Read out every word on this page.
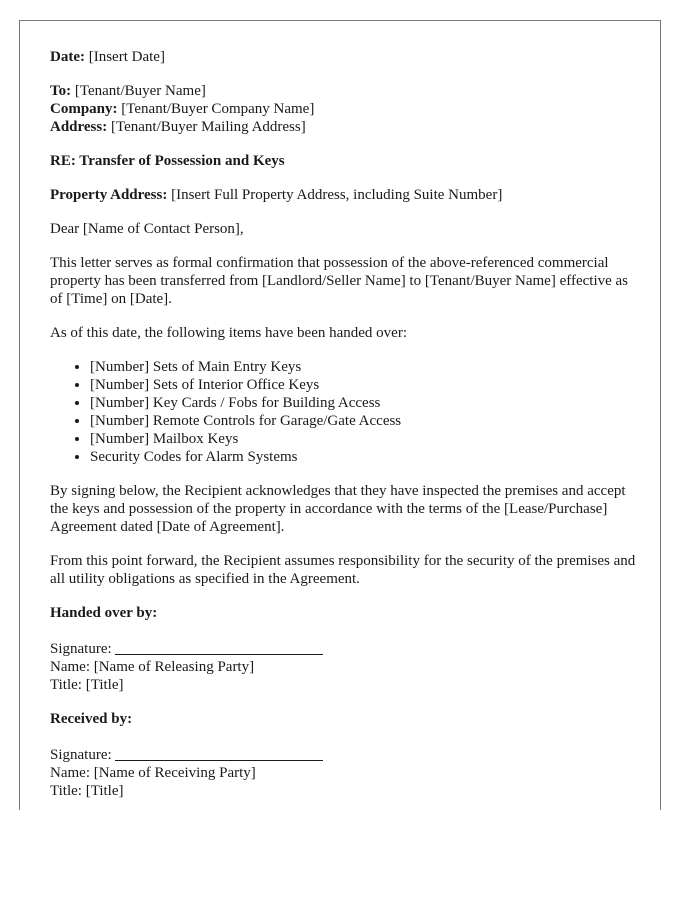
Date: [Insert Date]

To: [Tenant/Buyer Name]
Company: [Tenant/Buyer Company Name]
Address: [Tenant/Buyer Mailing Address]

RE: Transfer of Possession and Keys

Property Address: [Insert Full Property Address, including Suite Number]

Dear [Name of Contact Person],

This letter serves as formal confirmation that possession of the above-referenced commercial property has been transferred from [Landlord/Seller Name] to [Tenant/Buyer Name] effective as of [Time] on [Date].

As of this date, the following items have been handed over:

• [Number] Sets of Main Entry Keys
• [Number] Sets of Interior Office Keys
• [Number] Key Cards / Fobs for Building Access
• [Number] Remote Controls for Garage/Gate Access
• [Number] Mailbox Keys
• Security Codes for Alarm Systems

By signing below, the Recipient acknowledges that they have inspected the premises and accept the keys and possession of the property in accordance with the terms of the [Lease/Purchase] Agreement dated [Date of Agreement].

From this point forward, the Recipient assumes responsibility for the security of the premises and all utility obligations as specified in the Agreement.

Handed over by:

Signature:
Name: [Name of Releasing Party]
Title: [Title]

Received by:

Signature:
Name: [Name of Receiving Party]
Title: [Title]
